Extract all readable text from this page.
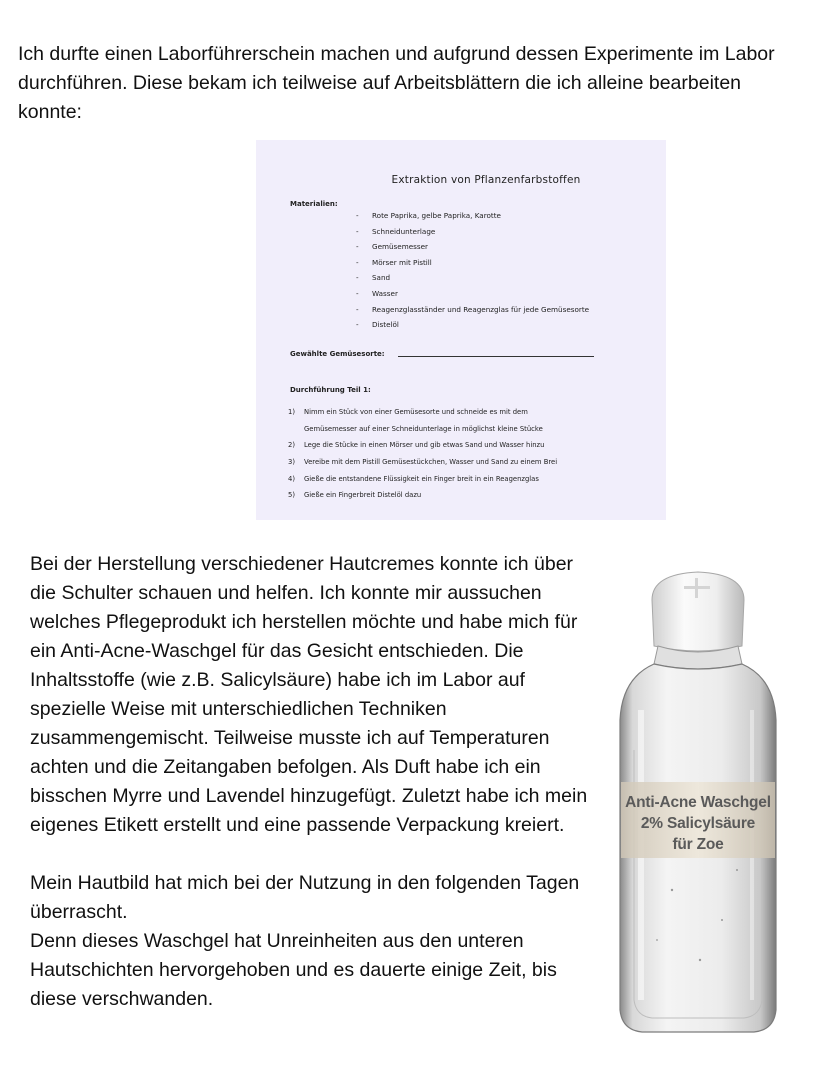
Ich durfte einen Laborführerschein machen und aufgrund dessen Experimente im Labor durchführen. Diese bekam ich teilweise auf Arbeitsblättern die ich alleine bearbeiten konnte:

Extraktion von Pflanzenfarbstoffen
Materialien:
- Rote Paprika, gelbe Paprika, Karotte
- Schneidunterlage
- Gemüsemesser
- Mörser mit Pistill
- Sand
- Wasser
- Reagenzglasständer und Reagenzglas für jede Gemüsesorte
- Distelöl
Gewählte Gemüsesorte:
Durchführung Teil 1:
1)	Nimm ein Stück von einer Gemüsesorte und schneide es mit dem
Gemüsemesser auf einer Schneidunterlage in möglichst kleine Stücke
2)	Lege die Stücke in einen Mörser und gib etwas Sand und Wasser hinzu
3)	Vereibe mit dem Pistill Gemüsestückchen, Wasser und Sand zu einem Brei
4)	Gieße die entstandene Flüssigkeit ein Finger breit in ein Reagenzglas
5)	Gieße ein Fingerbreit Distelöl dazu

Bei der Herstellung verschiedener Hautcremes konnte ich über die Schulter schauen und helfen. Ich konnte mir aussuchen welches Pflegeprodukt ich herstellen möchte und habe mich für ein Anti-Acne-Waschgel für das Gesicht entschieden. Die Inhaltsstoffe (wie z.B. Salicylsäure) habe ich im Labor auf spezielle Weise mit unterschiedlichen Techniken zusammengemischt. Teilweise musste ich auf Temperaturen achten und die Zeitangaben befolgen. Als Duft habe ich ein bisschen Myrre und Lavendel hinzugefügt. Zuletzt habe ich mein eigenes Etikett erstellt und eine passende Verpackung kreiert.

Mein Hautbild hat mich bei der Nutzung in den folgenden Tagen überrascht.

Denn dieses Waschgel hat Unreinheiten aus den unteren Hautschichten hervorgehoben und es dauerte einige Zeit, bis diese verschwanden.

Anti-Acne Waschgel
2% Salicylsäure
für Zoe
